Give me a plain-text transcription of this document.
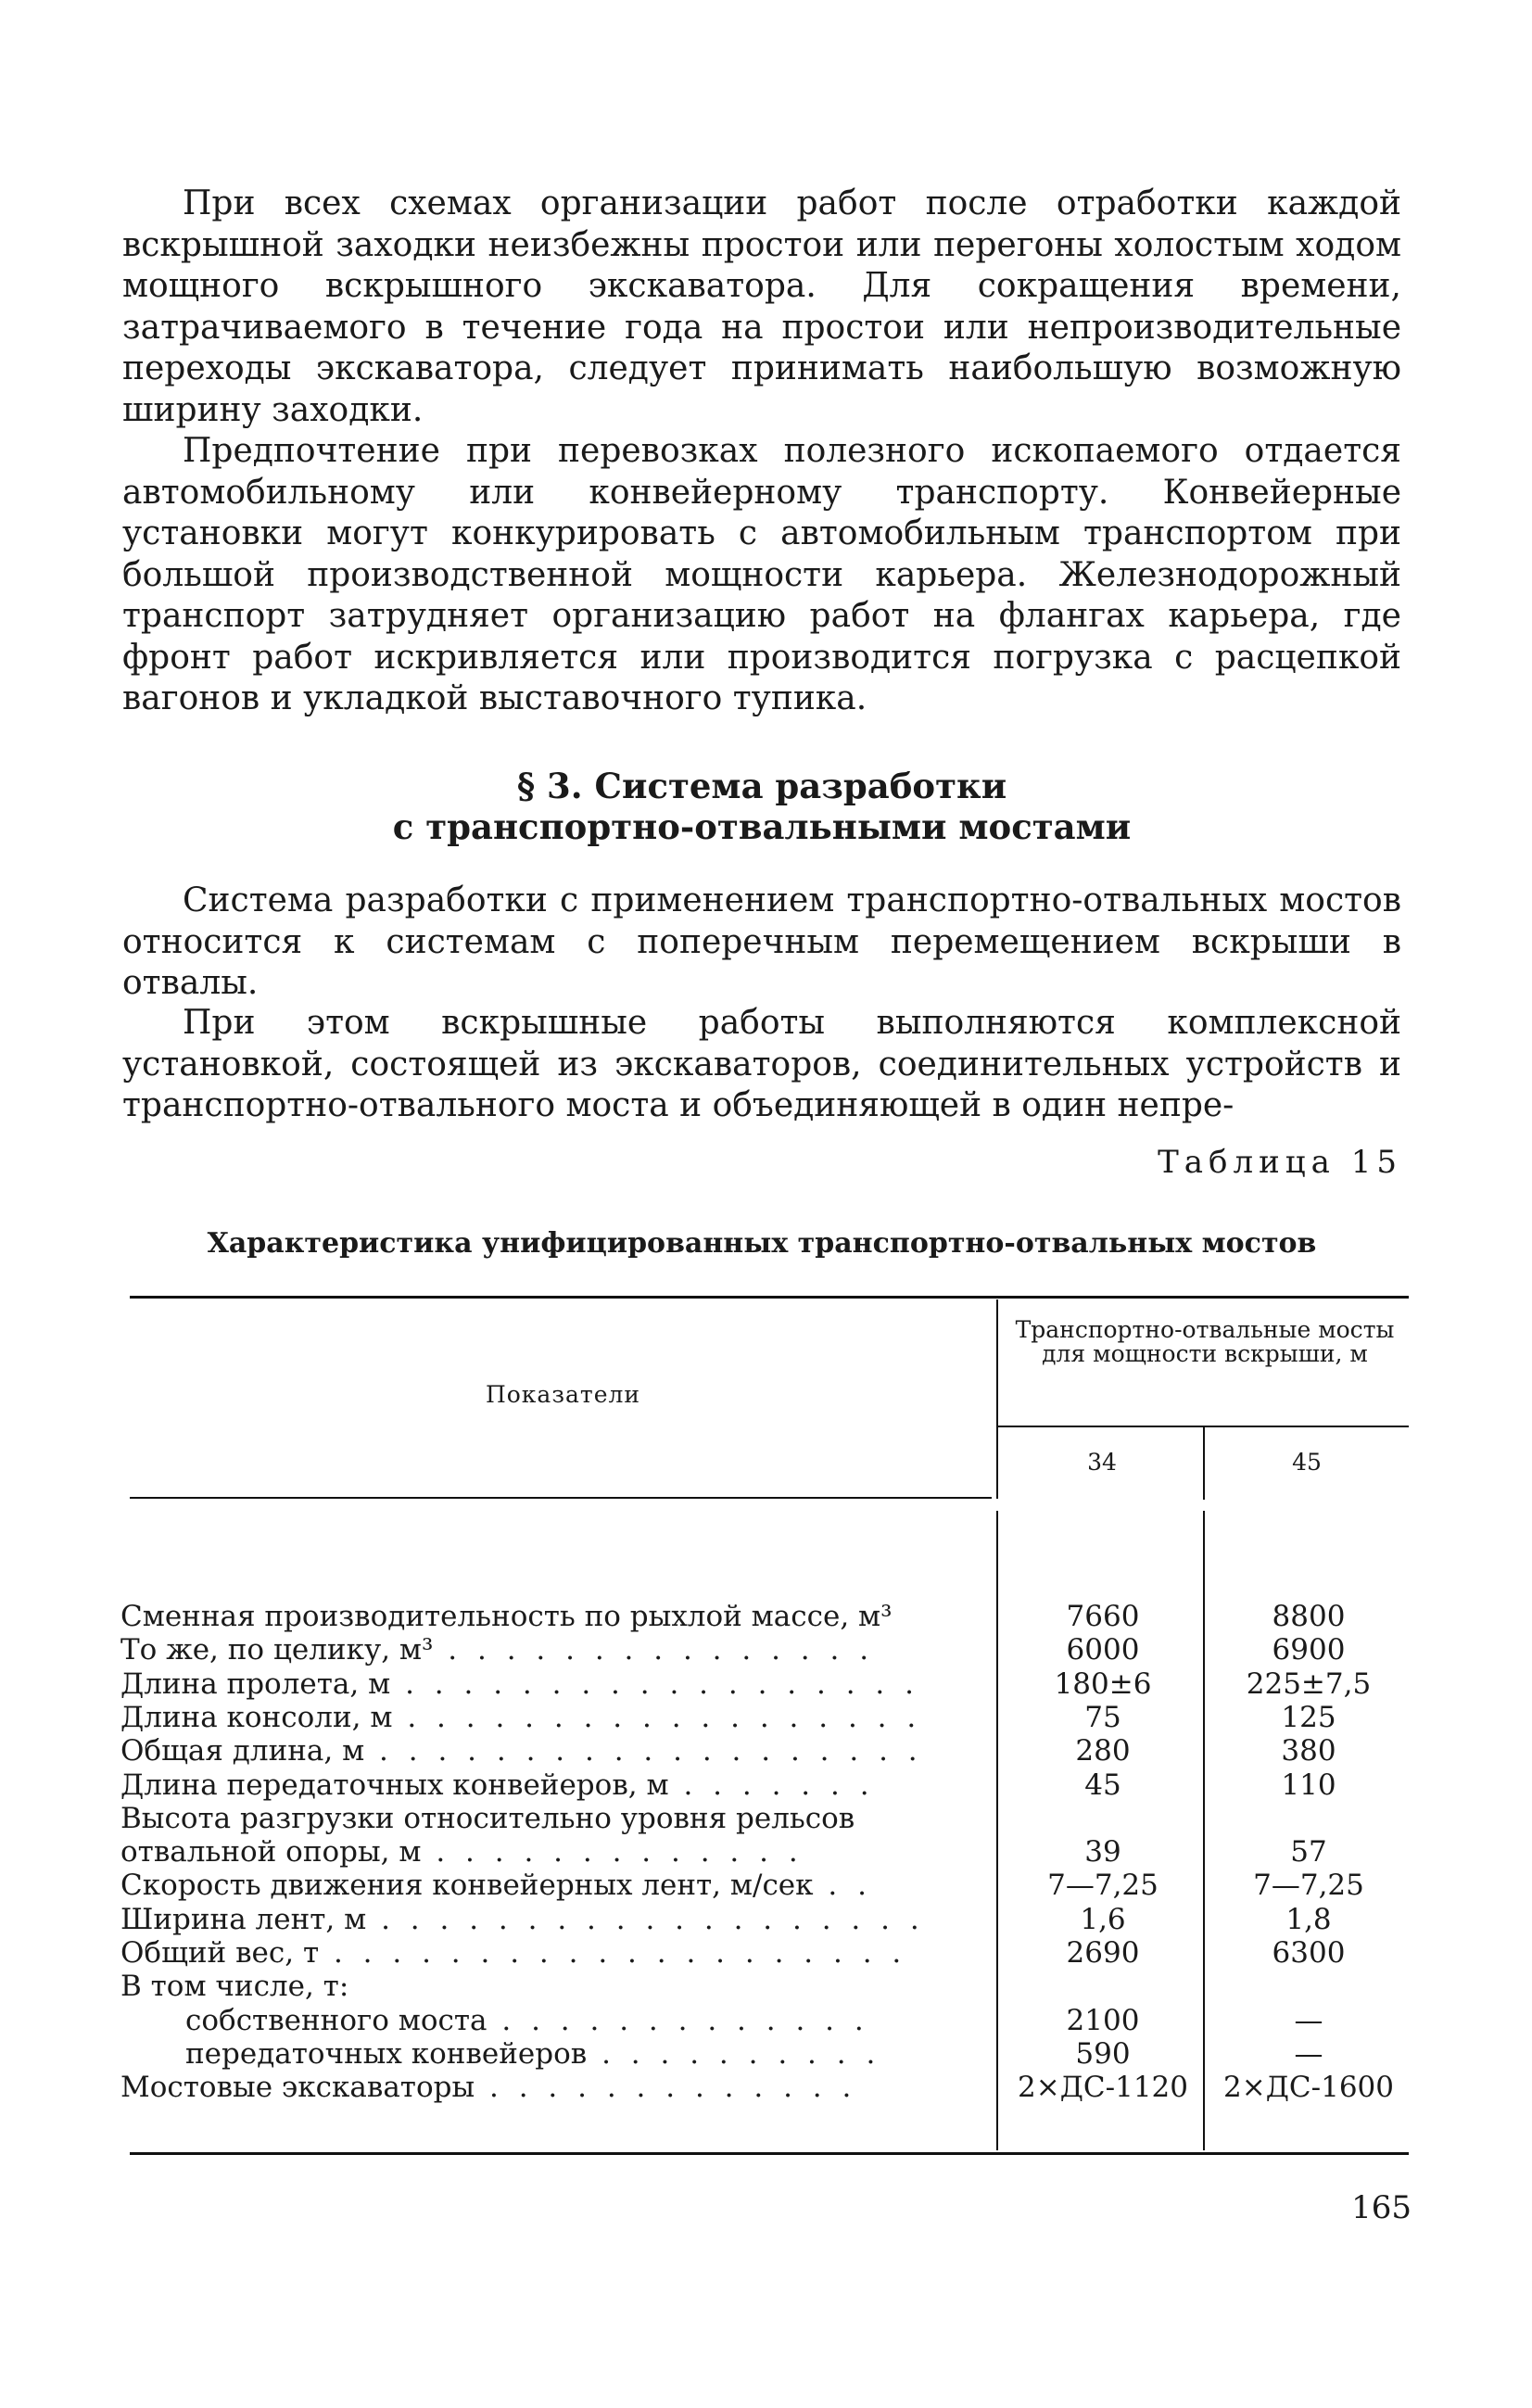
При всех схемах организации работ после отработки каждой вскрышной заходки неизбежны простои или перегоны холостым ходом мощного вскрышного экскаватора. Для сокращения времени, затрачиваемого в течение года на простои или непроизводительные переходы экскаватора, следует принимать наибольшую возможную ширину заходки.

Предпочтение при перевозках полезного ископаемого отдается автомобильному или конвейерному транспорту. Конвейерные установки могут конкурировать с автомобильным транспортом при большой производственной мощности карьера. Железнодорожный транспорт затрудняет организацию работ на флангах карьера, где фронт работ искривляется или производится погрузка с расцепкой вагонов и укладкой выставочного тупика.

§ 3. Система разработки
с транспортно-отвальными мостами

Система разработки с применением транспортно-отвальных мостов относится к системам с поперечным перемещением вскрыши в отвалы.

При этом вскрышные работы выполняются комплексной установкой, состоящей из экскаваторов, соединительных устройств и транспортно-отвального моста и объединяющей в один непре-

Таблица 15

Характеристика унифицированных транспортно-отвальных мостов

Показатели

Транспортно-отвальные мосты для мощности вскрыши, м

34	45

Сменная производительность по рыхлой массе, м³	7660	8800
То же, по целику, м³ . . . . . . . . . . . . . . .	6000	6900
Длина пролета, м . . . . . . . . . . . . . . . . . .	180±6	225±7,5
Длина консоли, м . . . . . . . . . . . . . . . . . .	75	125
Общая длина, м . . . . . . . . . . . . . . . . . . .	280	380
Длина передаточных конвейеров, м . . . . . . .	45	110
Высота разгрузки относительно уровня рельсов
отвальной опоры, м . . . . . . . . . . . . .	39	57
Скорость движения конвейерных лент, м/сек . .	7—7,25	7—7,25
Ширина лент, м . . . . . . . . . . . . . . . . . . .	1,6	1,8
Общий вес, т . . . . . . . . . . . . . . . . . . . .	2690	6300
В том числе, т:
собственного моста . . . . . . . . . . . . .	2100	—
передаточных конвейеров . . . . . . . . . .	590	—
Мостовые экскаваторы . . . . . . . . . . . . .	2×ДС-1120	2×ДС-1600

165
